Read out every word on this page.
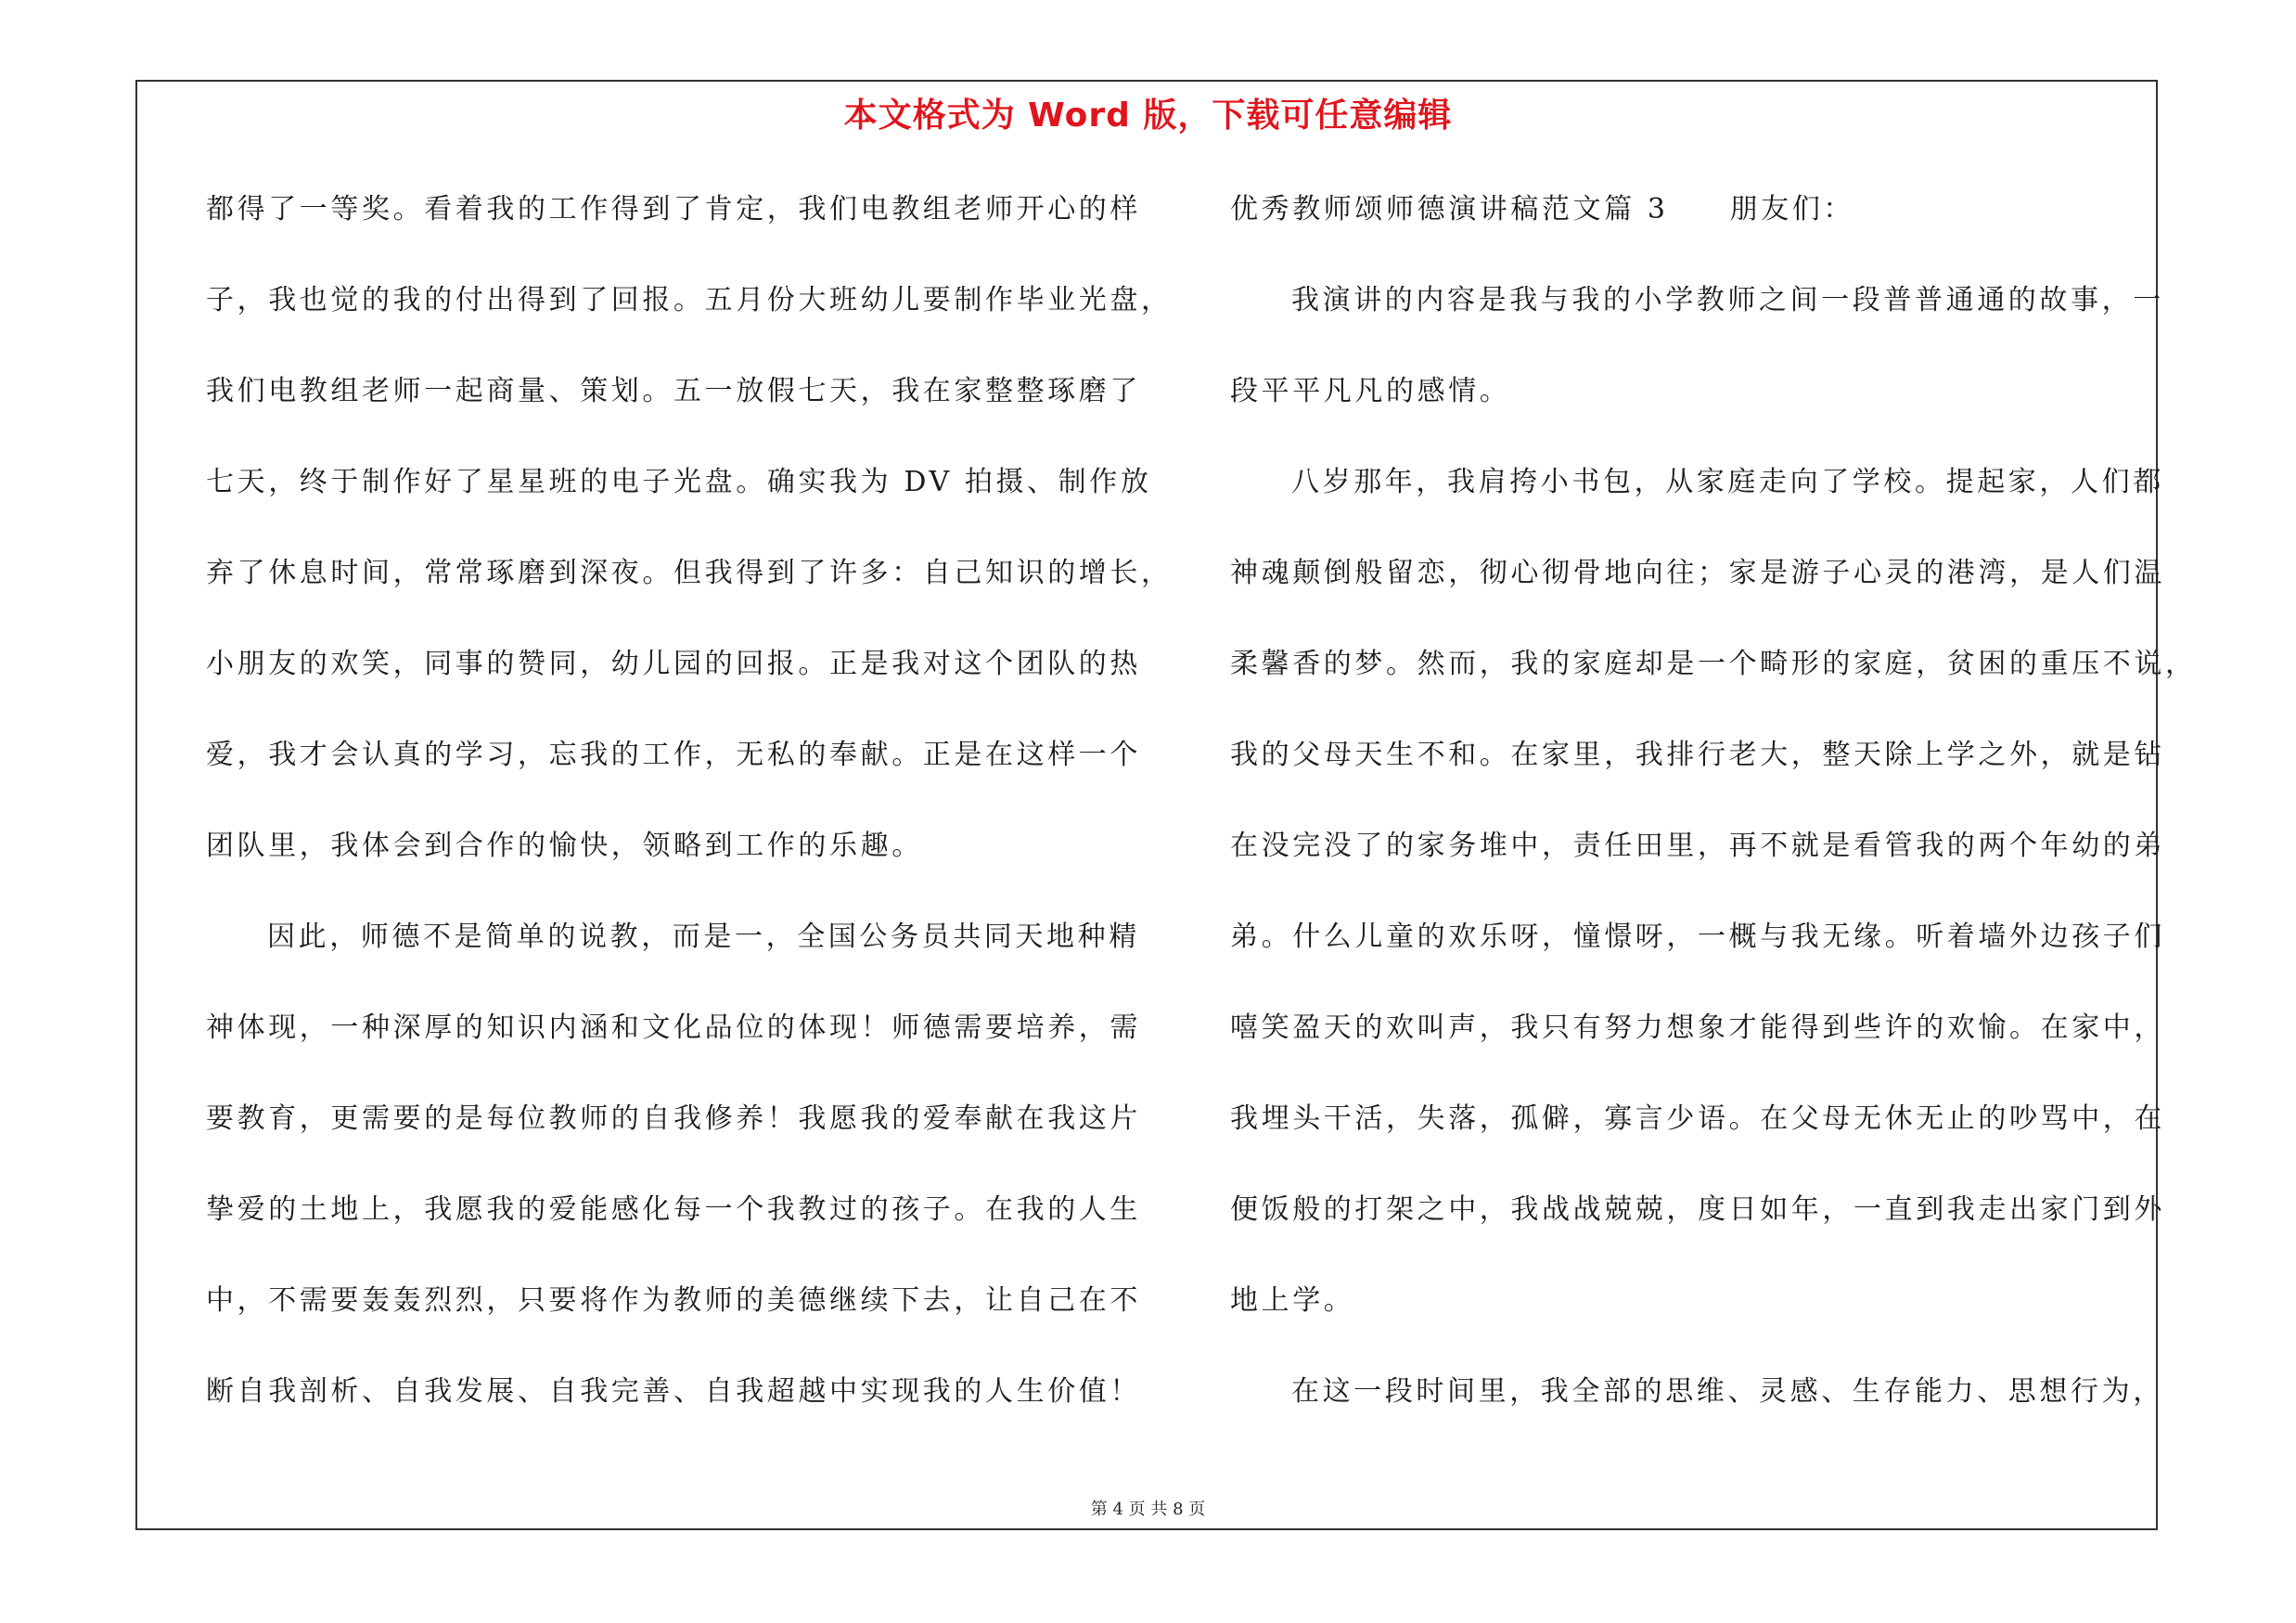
本文格式为 Word 版，下载可任意编辑
都得了一等奖。看着我的工作得到了肯定，我们电教组老师开心的样
子，我也觉的我的付出得到了回报。五月份大班幼儿要制作毕业光盘，
我们电教组老师一起商量、策划。五一放假七天，我在家整整琢磨了
七天，终于制作好了星星班的电子光盘。确实我为 DV 拍摄、制作放
弃了休息时间，常常琢磨到深夜。但我得到了许多：自己知识的增长，
小朋友的欢笑，同事的赞同，幼儿园的回报。正是我对这个团队的热
爱，我才会认真的学习，忘我的工作，无私的奉献。正是在这样一个
团队里，我体会到合作的愉快，领略到工作的乐趣。
因此，师德不是简单的说教，而是一，全国公务员共同天地种精
神体现，一种深厚的知识内涵和文化品位的体现！师德需要培养，需
要教育，更需要的是每位教师的自我修养！我愿我的爱奉献在我这片
挚爱的土地上，我愿我的爱能感化每一个我教过的孩子。在我的人生
中，不需要轰轰烈烈，只要将作为教师的美德继续下去，让自己在不
断自我剖析、自我发展、自我完善、自我超越中实现我的人生价值！
优秀教师颂师德演讲稿范文篇 3 朋友们：
我演讲的内容是我与我的小学教师之间一段普普通通的故事，一
段平平凡凡的感情。
八岁那年，我肩挎小书包，从家庭走向了学校。提起家，人们都
神魂颠倒般留恋，彻心彻骨地向往；家是游子心灵的港湾，是人们温
柔馨香的梦。然而，我的家庭却是一个畸形的家庭，贫困的重压不说，
我的父母天生不和。在家里，我排行老大，整天除上学之外，就是钻
在没完没了的家务堆中，责任田里，再不就是看管我的两个年幼的弟
弟。什么儿童的欢乐呀，憧憬呀，一概与我无缘。听着墙外边孩子们
嘻笑盈天的欢叫声，我只有努力想象才能得到些许的欢愉。在家中，
我埋头干活，失落，孤僻，寡言少语。在父母无休无止的吵骂中，在
便饭般的打架之中，我战战兢兢，度日如年，一直到我走出家门到外
地上学。
在这一段时间里，我全部的思维、灵感、生存能力、思想行为，
第 4 页 共 8 页
